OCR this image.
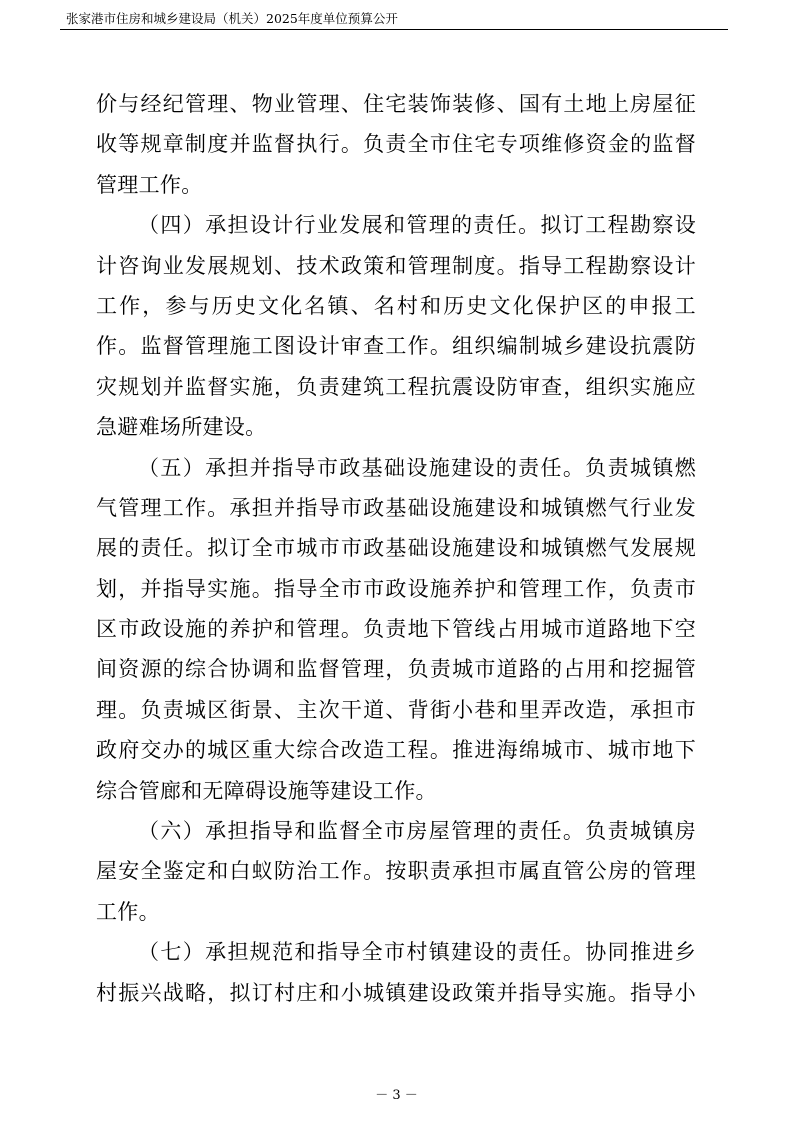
张家港市住房和城乡建设局（机关）2025年度单位预算公开
价与经纪管理、物业管理、住宅装饰装修、国有土地上房屋征
收等规章制度并监督执行。负责全市住宅专项维修资金的监督
管理工作。
（四）承担设计行业发展和管理的责任。拟订工程勘察设
计咨询业发展规划、技术政策和管理制度。指导工程勘察设计
工作，参与历史文化名镇、名村和历史文化保护区的申报工
作。监督管理施工图设计审查工作。组织编制城乡建设抗震防
灾规划并监督实施，负责建筑工程抗震设防审查，组织实施应
急避难场所建设。
（五）承担并指导市政基础设施建设的责任。负责城镇燃
气管理工作。承担并指导市政基础设施建设和城镇燃气行业发
展的责任。拟订全市城市市政基础设施建设和城镇燃气发展规
划，并指导实施。指导全市市政设施养护和管理工作，负责市
区市政设施的养护和管理。负责地下管线占用城市道路地下空
间资源的综合协调和监督管理，负责城市道路的占用和挖掘管
理。负责城区街景、主次干道、背街小巷和里弄改造，承担市
政府交办的城区重大综合改造工程。推进海绵城市、城市地下
综合管廊和无障碍设施等建设工作。
（六）承担指导和监督全市房屋管理的责任。负责城镇房
屋安全鉴定和白蚁防治工作。按职责承担市属直管公房的管理
工作。
（七）承担规范和指导全市村镇建设的责任。协同推进乡
村振兴战略，拟订村庄和小城镇建设政策并指导实施。指导小
－ 3 －
